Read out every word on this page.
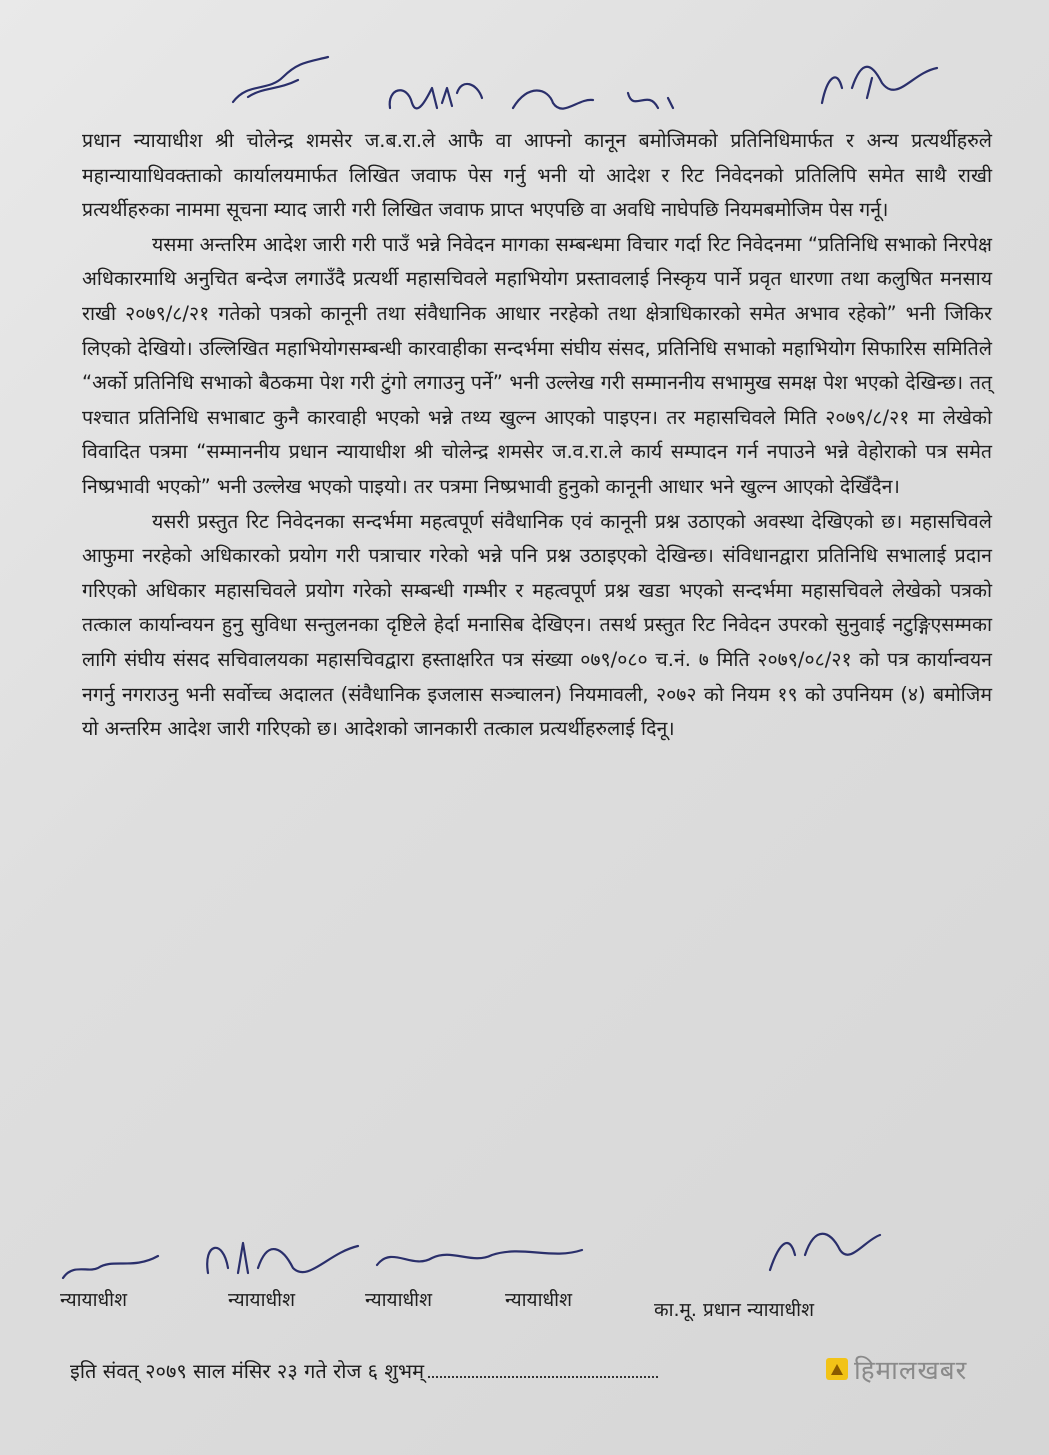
प्रधान न्यायाधीश श्री चोलेन्द्र शमसेर ज.ब.रा.ले आफै वा आफ्नो कानून बमोजिमको प्रतिनिधिमार्फत र अन्य प्रत्यर्थीहरुले महान्यायाधिवक्ताको कार्यालयमार्फत लिखित जवाफ पेस गर्नु भनी यो आदेश र रिट निवेदनको प्रतिलिपि समेत साथै राखी प्रत्यर्थीहरुका नाममा सूचना म्याद जारी गरी लिखित जवाफ प्राप्त भएपछि वा अवधि नाघेपछि नियमबमोजिम पेस गर्नू।

यसमा अन्तरिम आदेश जारी गरी पाउँ भन्ने निवेदन मागका सम्बन्धमा विचार गर्दा रिट निवेदनमा “प्रतिनिधि सभाको निरपेक्ष अधिकारमाथि अनुचित बन्देज लगाउँदै प्रत्यर्थी महासचिवले महाभियोग प्रस्तावलाई निस्कृय पार्ने प्रवृत धारणा तथा कलुषित मनसाय राखी २०७९/८/२१ गतेको पत्रको कानूनी तथा संवैधानिक आधार नरहेको तथा क्षेत्राधिकारको समेत अभाव रहेको” भनी जिकिर लिएको देखियो। उल्लिखित महाभियोगसम्बन्धी कारवाहीका सन्दर्भमा संघीय संसद, प्रतिनिधि सभाको महाभियोग सिफारिस समितिले “अर्को प्रतिनिधि सभाको बैठकमा पेश गरी टुंगो लगाउनु पर्ने” भनी उल्लेख गरी सम्माननीय सभामुख समक्ष पेश भएको देखिन्छ। तत् पश्चात प्रतिनिधि सभाबाट कुनै कारवाही भएको भन्ने तथ्य खुल्न आएको पाइएन। तर महासचिवले मिति २०७९/८/२१ मा लेखेको विवादित पत्रमा “सम्माननीय प्रधान न्यायाधीश श्री चोलेन्द्र शमसेर ज.व.रा.ले कार्य सम्पादन गर्न नपाउने भन्ने वेहोराको पत्र समेत निष्प्रभावी भएको” भनी उल्लेख भएको पाइयो। तर पत्रमा निष्प्रभावी हुनुको कानूनी आधार भने खुल्न आएको देखिँदैन।

यसरी प्रस्तुत रिट निवेदनका सन्दर्भमा महत्वपूर्ण संवैधानिक एवं कानूनी प्रश्न उठाएको अवस्था देखिएको छ। महासचिवले आफुमा नरहेको अधिकारको प्रयोग गरी पत्राचार गरेको भन्ने पनि प्रश्न उठाइएको देखिन्छ। संविधानद्वारा प्रतिनिधि सभालाई प्रदान गरिएको अधिकार महासचिवले प्रयोग गरेको सम्बन्धी गम्भीर र महत्वपूर्ण प्रश्न खडा भएको सन्दर्भमा महासचिवले लेखेको पत्रको तत्काल कार्यान्वयन हुनु सुविधा सन्तुलनका दृष्टिले हेर्दा मनासिब देखिएन। तसर्थ प्रस्तुत रिट निवेदन उपरको सुनुवाई नटुङ्गिएसम्मका लागि संघीय संसद सचिवालयका महासचिवद्वारा हस्ताक्षरित पत्र संख्या ०७९/०८० च.नं. ७ मिति २०७९/०८/२१ को पत्र कार्यान्वयन नगर्नु नगराउनु भनी सर्वोच्च अदालत (संवैधानिक इजलास सञ्चालन) नियमावली, २०७२ को नियम १९ को उपनियम (४) बमोजिम यो अन्तरिम आदेश जारी गरिएको छ। आदेशको जानकारी तत्काल प्रत्यर्थीहरुलाई दिनू।

न्यायाधीश	न्यायाधीश	न्यायाधीश	न्यायाधीश	का.मू. प्रधान न्यायाधीश
इति संवत् २०७९ साल मंसिर २३ गते रोज ६ शुभम्	हिमालखबर
